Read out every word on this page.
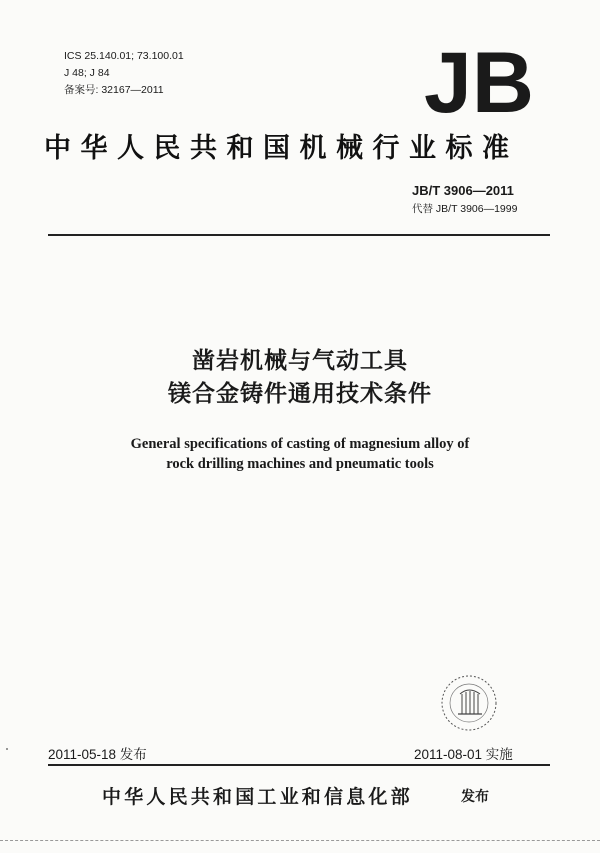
ICS 25.140.01; 73.100.01
J 48; J 84
备案号: 32167—2011	JB
中华人民共和国机械行业标准
JB/T 3906—2011
代替 JB/T 3906—1999
凿岩机械与气动工具
镁合金铸件通用技术条件
General specifications of casting of magnesium alloy of
rock drilling machines and pneumatic tools
2011-05-18 发布	2011-08-01 实施
中华人民共和国工业和信息化部	发布
